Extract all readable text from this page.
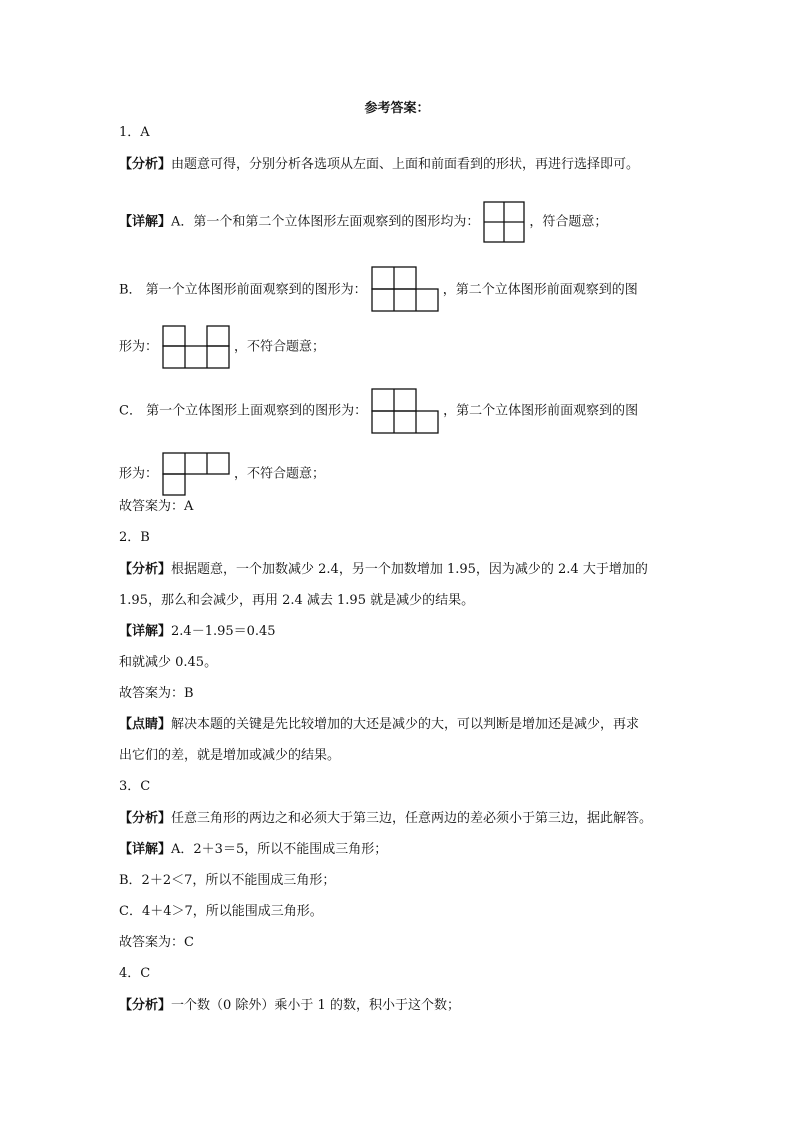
参考答案：
1．A
【分析】由题意可得，分别分析各选项从左面、上面和前面看到的形状，再进行选择即可。
【详解】A．第一个和第二个立体图形左面观察到的图形均为：	，符合题意；
B． 第一个立体图形前面观察到的图形为：	，第二个立体图形前面观察到的图
形为：	，不符合题意；
C． 第一个立体图形上面观察到的图形为：	，第二个立体图形前面观察到的图
形为：	，不符合题意；
故答案为：A
2．B
【分析】根据题意，一个加数减少 2.4，另一个加数增加 1.95，因为减少的 2.4 大于增加的
1.95，那么和会减少，再用 2.4 减去 1.95 就是减少的结果。
【详解】2.4－1.95＝0.45
和就减少 0.45。
故答案为：B
【点睛】解决本题的关键是先比较增加的大还是减少的大，可以判断是增加还是减少，再求
出它们的差，就是增加或减少的结果。
3．C
【分析】任意三角形的两边之和必须大于第三边，任意两边的差必须小于第三边，据此解答。
【详解】A．2＋3＝5，所以不能围成三角形；
B．2＋2＜7，所以不能围成三角形；
C．4＋4＞7，所以能围成三角形。
故答案为：C
4．C
【分析】一个数（0 除外）乘小于 1 的数，积小于这个数；
